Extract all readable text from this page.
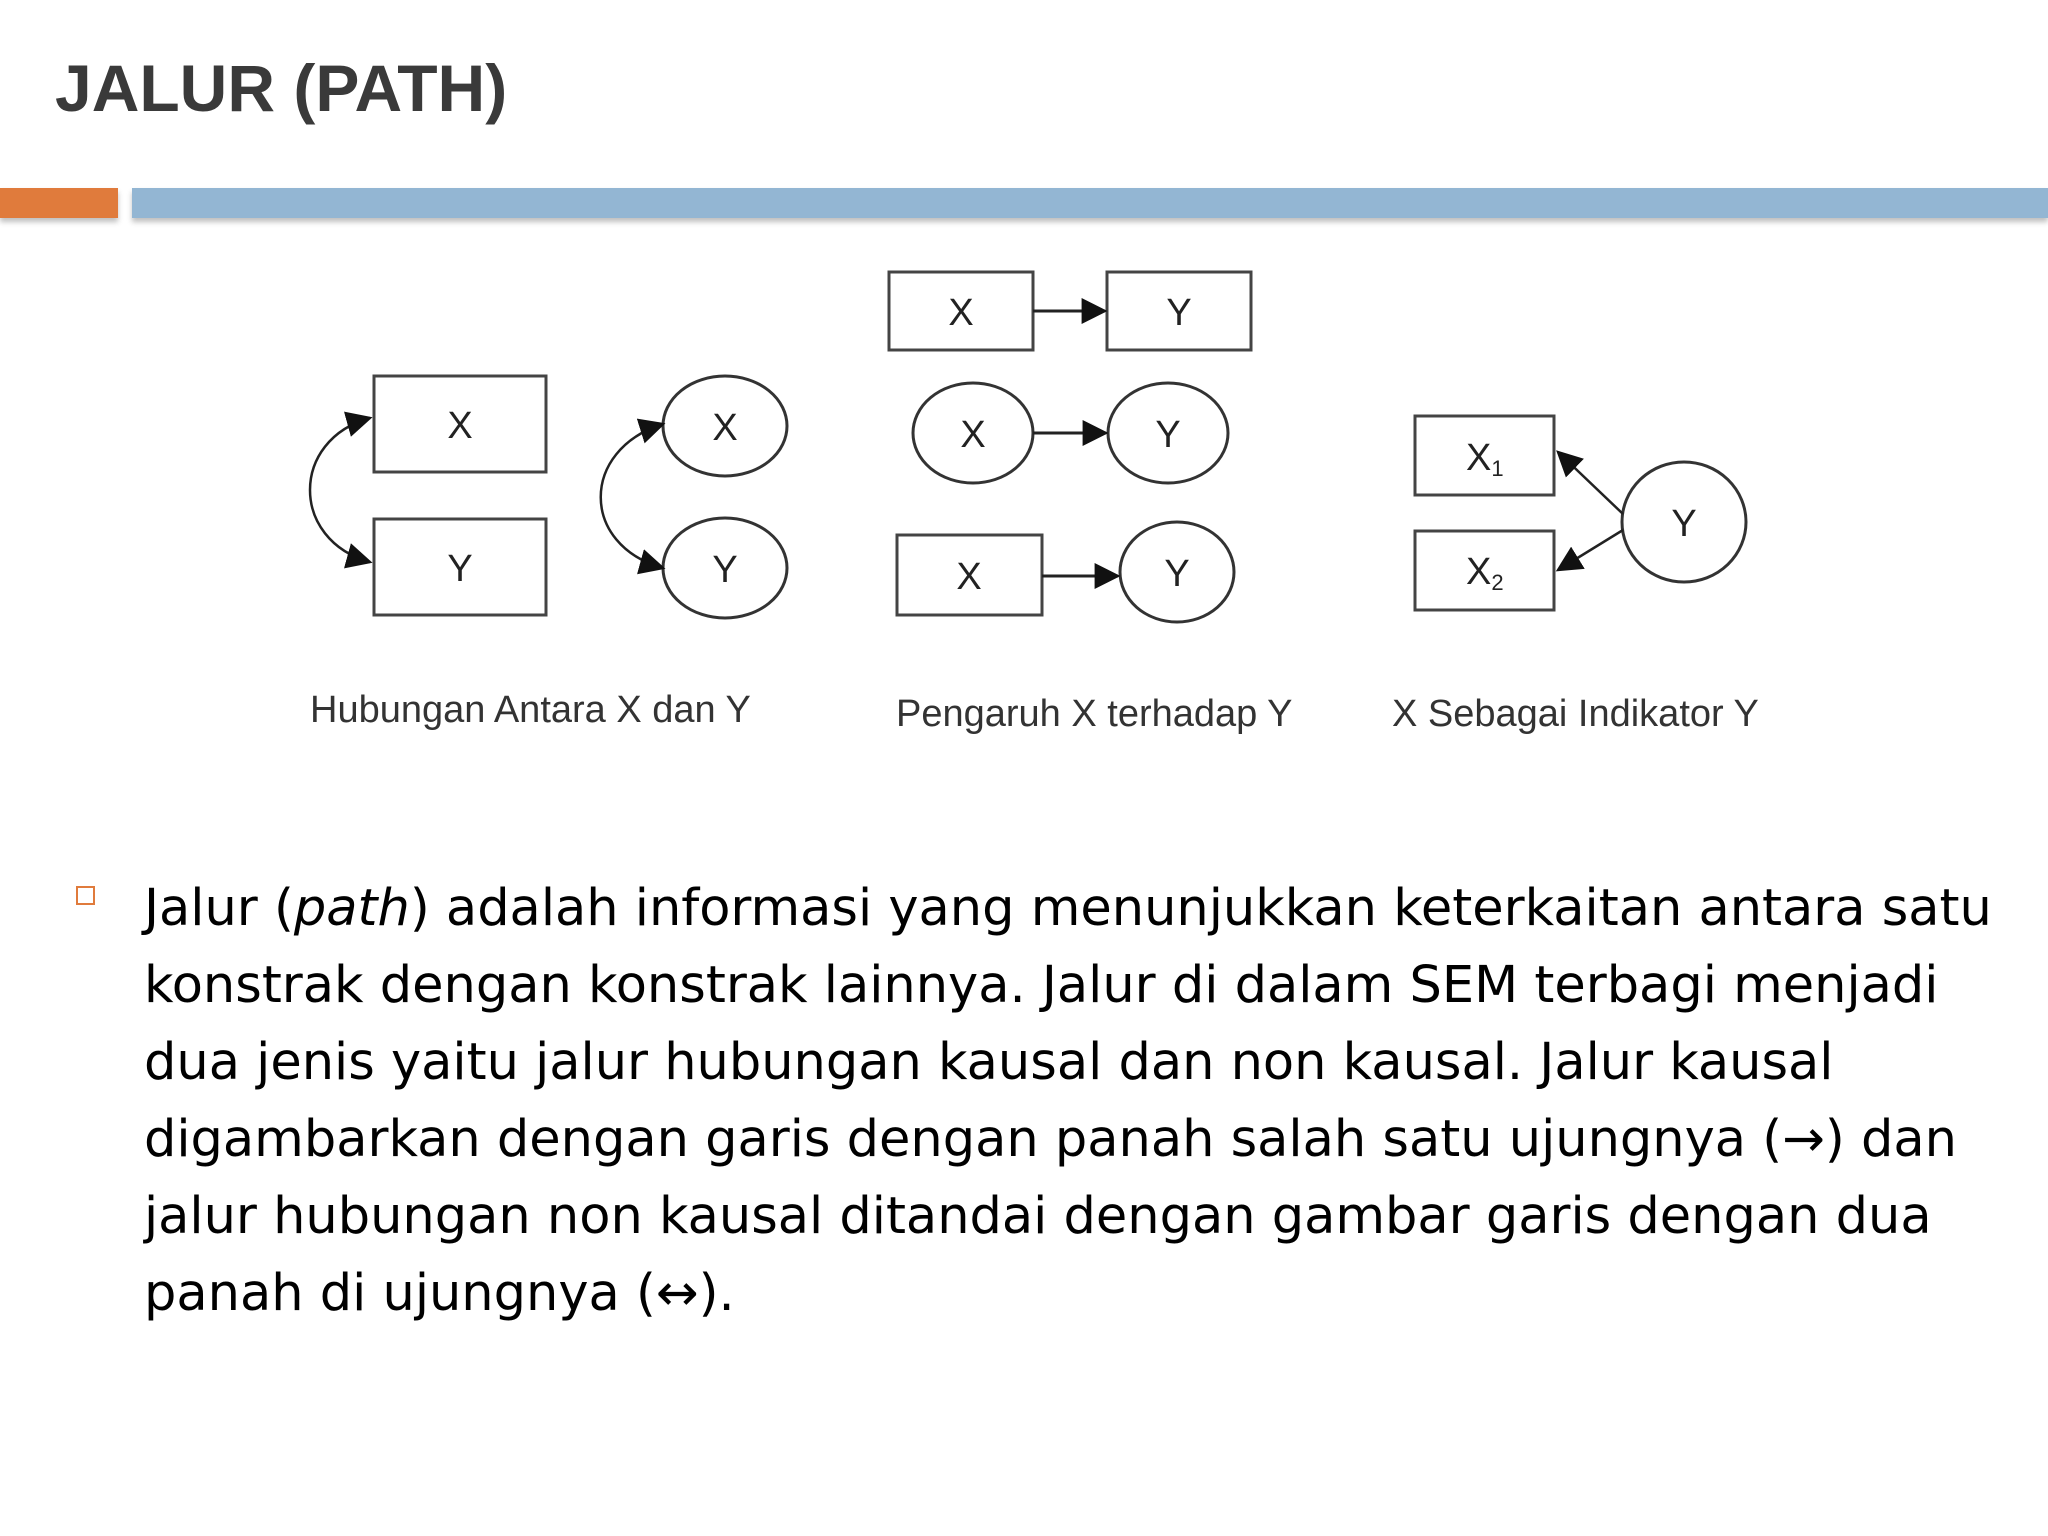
JALUR (PATH)
X
Y
X
Y
Hubungan Antara X dan Y
X	Y
X	Y
X	Y
Pengaruh X terhadap Y
X1
X2
Y
X Sebagai Indikator Y

Jalur (path) adalah informasi yang menunjukkan keterkaitan antara satu konstrak dengan konstrak lainnya. Jalur di dalam SEM terbagi menjadi dua jenis yaitu jalur hubungan kausal dan non kausal. Jalur kausal digambarkan dengan garis dengan panah salah satu ujungnya (→) dan jalur hubungan non kausal ditandai dengan gambar garis dengan dua panah di ujungnya (↔).
